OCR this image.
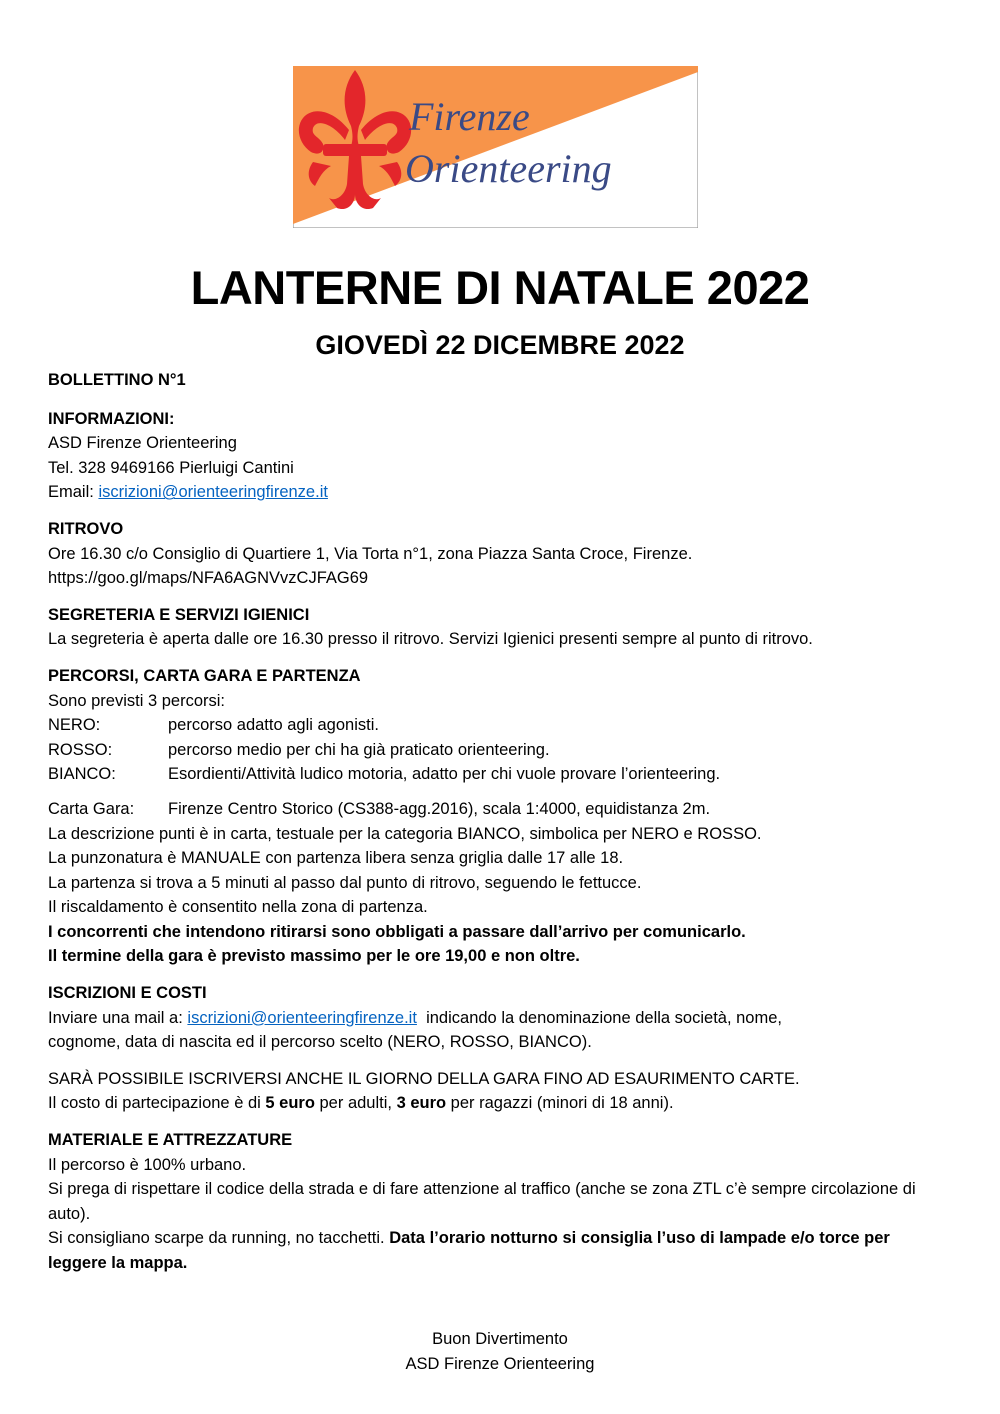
Firenze
Orienteering
LANTERNE DI NATALE 2022
GIOVEDÌ 22 DICEMBRE 2022
BOLLETTINO N°1
INFORMAZIONI:
ASD Firenze Orienteering
Tel. 328 9469166 Pierluigi Cantini
Email: iscrizioni@orienteeringfirenze.it
RITROVO
Ore 16.30 c/o Consiglio di Quartiere 1, Via Torta n°1, zona Piazza Santa Croce, Firenze.
https://goo.gl/maps/NFA6AGNVvzCJFAG69
SEGRETERIA E SERVIZI IGIENICI
La segreteria è aperta dalle ore 16.30 presso il ritrovo. Servizi Igienici presenti sempre al punto di ritrovo.
PERCORSI, CARTA GARA E PARTENZA
Sono previsti 3 percorsi:
NERO:	percorso adatto agli agonisti.
ROSSO:	percorso medio per chi ha già praticato orienteering.
BIANCO:	Esordienti/Attività ludico motoria, adatto per chi vuole provare l’orienteering.
Carta Gara:	Firenze Centro Storico (CS388-agg.2016), scala 1:4000, equidistanza 2m.
La descrizione punti è in carta, testuale per la categoria BIANCO, simbolica per NERO e ROSSO.
La punzonatura è MANUALE con partenza libera senza griglia dalle 17 alle 18.
La partenza si trova a 5 minuti al passo dal punto di ritrovo, seguendo le fettucce.
Il riscaldamento è consentito nella zona di partenza.
I concorrenti che intendono ritirarsi sono obbligati a passare dall’arrivo per comunicarlo.
Il termine della gara è previsto massimo per le ore 19,00 e non oltre.
ISCRIZIONI E COSTI
Inviare una mail a: iscrizioni@orienteeringfirenze.it  indicando la denominazione della società, nome,
cognome, data di nascita ed il percorso scelto (NERO, ROSSO, BIANCO).
SARÀ POSSIBILE ISCRIVERSI ANCHE IL GIORNO DELLA GARA FINO AD ESAURIMENTO CARTE.
Il costo di partecipazione è di 5 euro per adulti, 3 euro per ragazzi (minori di 18 anni).
MATERIALE E ATTREZZATURE
Il percorso è 100% urbano.
Si prega di rispettare il codice della strada e di fare attenzione al traffico (anche se zona ZTL c’è sempre circolazione di auto).
Si consigliano scarpe da running, no tacchetti. Data l’orario notturno si consiglia l’uso di lampade e/o torce per leggere la mappa.
Buon Divertimento
ASD Firenze Orienteering
